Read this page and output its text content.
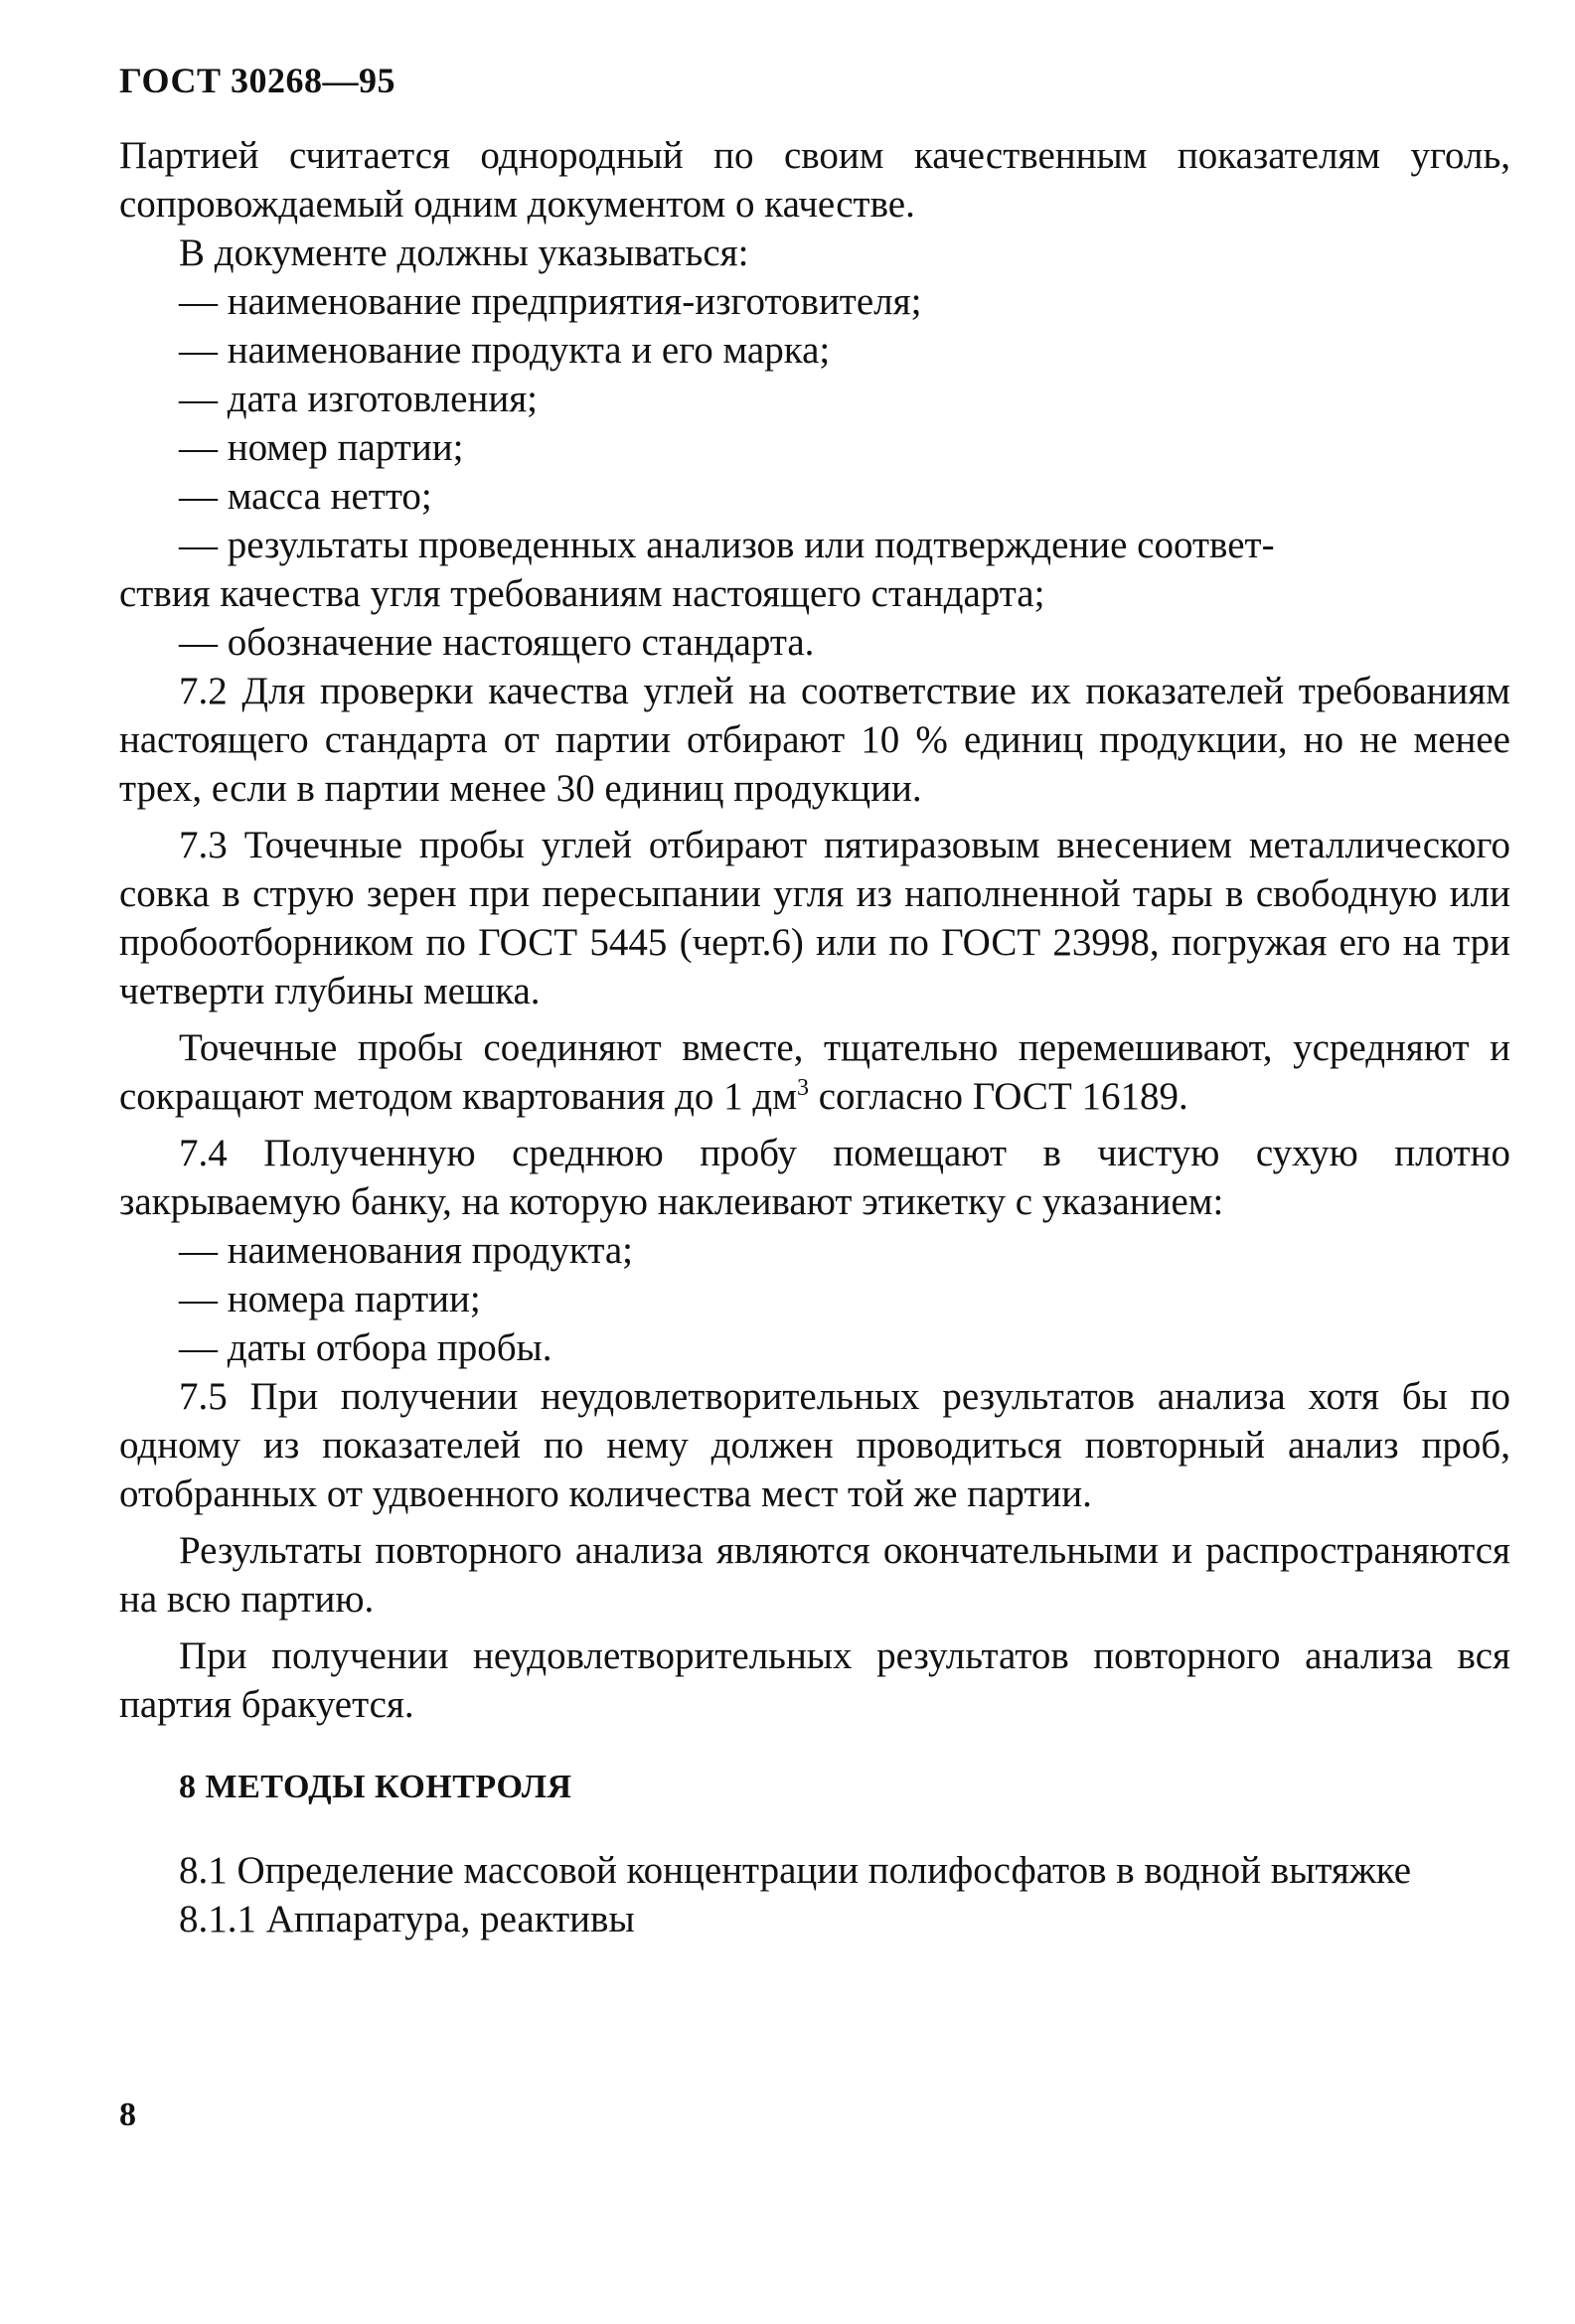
ГОСТ 30268—95

Партией считается однородный по своим качественным показателям уголь, сопровождаемый одним документом о качестве.

В документе должны указываться:

— наименование предприятия-изготовителя;

— наименование продукта и его марка;

— дата изготовления;

— номер партии;

— масса нетто;

— результаты проведенных анализов или подтверждение соответ-

ствия качества угля требованиям настоящего стандарта;

— обозначение настоящего стандарта.

7.2 Для проверки качества углей на соответствие их показателей требованиям настоящего стандарта от партии отбирают 10 % единиц продукции, но не менее трех, если в партии менее 30 единиц продукции.

7.3 Точечные пробы углей отбирают пятиразовым внесением металлического совка в струю зерен при пересыпании угля из наполненной тары в свободную или пробоотборником по ГОСТ 5445 (черт.6) или по ГОСТ 23998, погружая его на три четверти глубины мешка.

Точечные пробы соединяют вместе, тщательно перемешивают, усредняют и сокращают методом квартования до 1 $дм^3$ согласно ГОСТ 16189.

7.4 Полученную среднюю пробу помещают в чистую сухую плотно закрываемую банку, на которую наклеивают этикетку с указанием:

— наименования продукта;

— номера партии;

— даты отбора пробы.

7.5 При получении неудовлетворительных результатов анализа хотя бы по одному из показателей по нему должен проводиться повторный анализ проб, отобранных от удвоенного количества мест той же партии.

Результаты повторного анализа являются окончательными и распространяются на всю партию.

При получении неудовлетворительных результатов повторного анализа вся партия бракуется.

8 МЕТОДЫ КОНТРОЛЯ

8.1 Определение массовой концентрации полифосфатов в водной вытяжке

8.1.1 Аппаратура, реактивы

8
